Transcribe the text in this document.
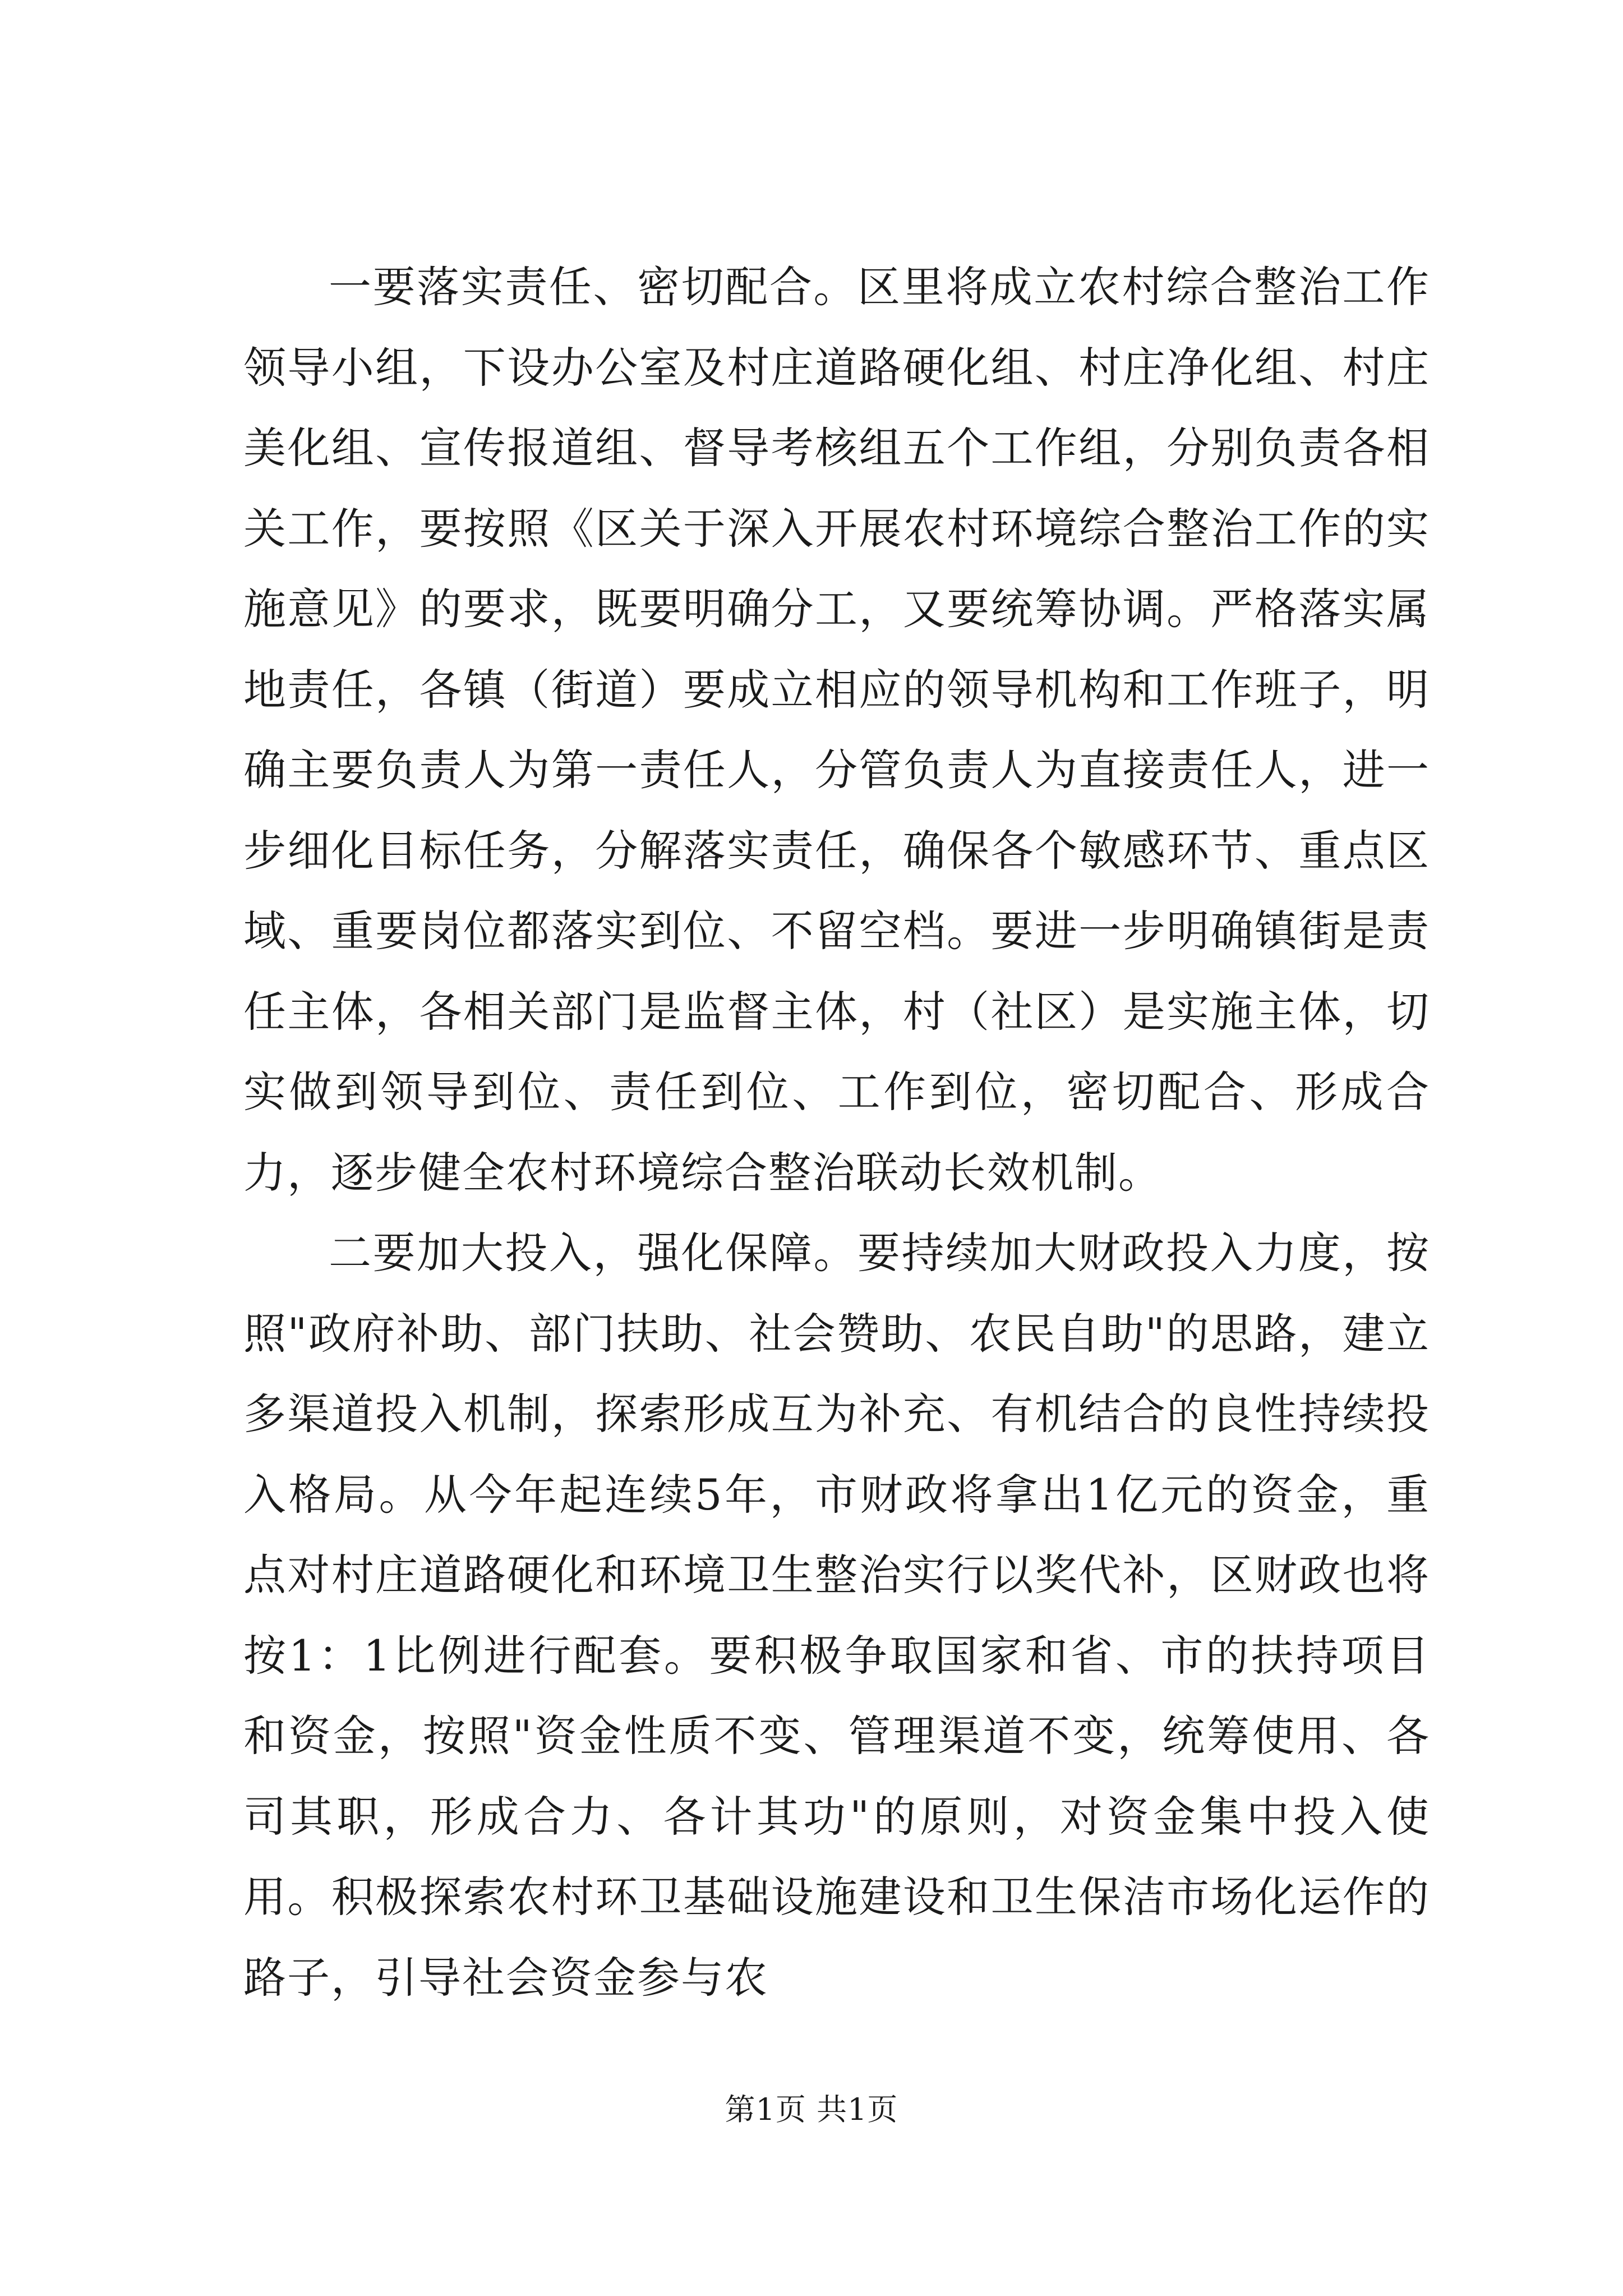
一要落实责任、密切配合。区里将成立农村综合整治工作领导小组，下设办公室及村庄道路硬化组、村庄净化组、村庄美化组、宣传报道组、督导考核组五个工作组，分别负责各相关工作，要按照《区关于深入开展农村环境综合整治工作的实施意见》的要求，既要明确分工，又要统筹协调。严格落实属地责任，各镇（街道）要成立相应的领导机构和工作班子，明确主要负责人为第一责任人，分管负责人为直接责任人，进一步细化目标任务，分解落实责任，确保各个敏感环节、重点区域、重要岗位都落实到位、不留空档。要进一步明确镇街是责任主体，各相关部门是监督主体，村（社区）是实施主体，切实做到领导到位、责任到位、工作到位，密切配合、形成合力，逐步健全农村环境综合整治联动长效机制。

二要加大投入，强化保障。要持续加大财政投入力度，按照"政府补助、部门扶助、社会赞助、农民自助"的思路，建立多渠道投入机制，探索形成互为补充、有机结合的良性持续投入格局。从今年起连续5年，市财政将拿出1亿元的资金，重点对村庄道路硬化和环境卫生整治实行以奖代补，区财政也将按1：1比例进行配套。要积极争取国家和省、市的扶持项目和资金，按照"资金性质不变、管理渠道不变，统筹使用、各司其职，形成合力、各计其功"的原则，对资金集中投入使用。积极探索农村环卫基础设施建设和卫生保洁市场化运作的路子，引导社会资金参与农

第1页 共1页
